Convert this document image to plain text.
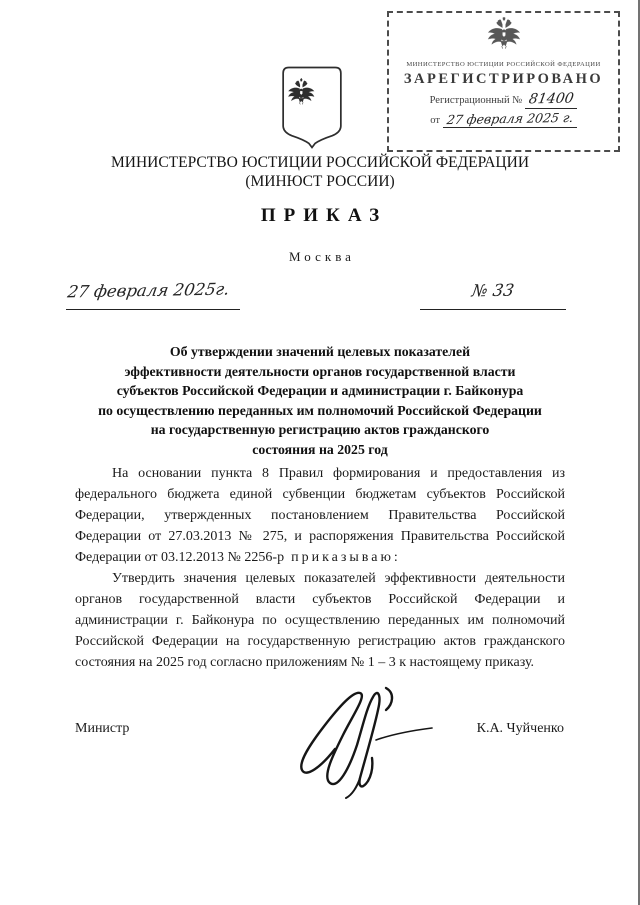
МИНИСТЕРСТВО ЮСТИЦИИ РОССИЙСКОЙ ФЕДЕРАЦИИ
ЗАРЕГИСТРИРОВАНО
Регистрационный № 81400
от 27 февраля 2025 г.
МИНИСТЕРСТВО ЮСТИЦИИ РОССИЙСКОЙ ФЕДЕРАЦИИ
(МИНЮСТ РОССИИ)
ПРИКАЗ
Москва
27 февраля 2025г.	№ 33
Об утверждении значений целевых показателей
эффективности деятельности органов государственной власти
субъектов Российской Федерации и администрации г. Байконура
по осуществлению переданных им полномочий Российской Федерации
на государственную регистрацию актов гражданского
состояния на 2025 год

На основании пункта 8 Правил формирования и предоставления из федерального бюджета единой субвенции бюджетам субъектов Российской Федерации, утвержденных постановлением Правительства Российской Федерации от 27.03.2013 № 275, и распоряжения Правительства Российской Федерации от 03.12.2013 № 2256-р приказываю:

Утвердить значения целевых показателей эффективности деятельности органов государственной власти субъектов Российской Федерации и администрации г. Байконура по осуществлению переданных им полномочий Российской Федерации на государственную регистрацию актов гражданского состояния на 2025 год согласно приложениям № 1 – 3 к настоящему приказу.

Министр	К.А. Чуйченко
